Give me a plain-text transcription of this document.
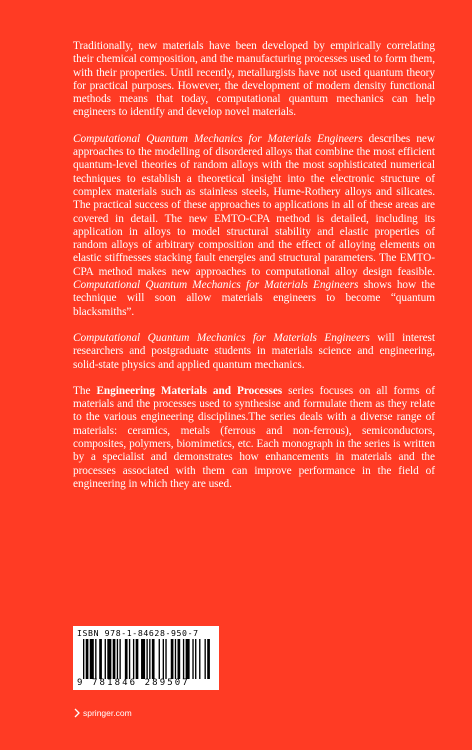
Traditionally, new materials have been developed by empirically correlating their chemical composition, and the manufacturing processes used to form them, with their properties. Until recently, metallurgists have not used quantum theory for practical purposes. However, the development of modern density functional methods means that today, computational quantum mechanics can help engineers to identify and develop novel materials.

Computational Quantum Mechanics for Materials Engineers describes new approaches to the modelling of disordered alloys that combine the most efficient quantum-level theories of random alloys with the most sophisticated numerical techniques to establish a theoretical insight into the electronic structure of complex materials such as stainless steels, Hume-Rothery alloys and silicates. The practical success of these approaches to applications in all of these areas are covered in detail. The new EMTO-CPA method is detailed, including its application in alloys to model structural stability and elastic properties of random alloys of arbitrary composition and the effect of alloying elements on elastic stiffnesses stacking fault energies and structural parameters. The EMTO-CPA method makes new approaches to computational alloy design feasible. Computational Quantum Mechanics for Materials Engineers shows how the technique will soon allow materials engineers to become “quantum blacksmiths”.

Computational Quantum Mechanics for Materials Engineers will interest researchers and postgraduate students in materials science and engineering, solid-state physics and applied quantum mechanics.

The Engineering Materials and Processes series focuses on all forms of materials and the processes used to synthesise and formulate them as they relate to the various engineering disciplines.The series deals with a diverse range of materials: ceramics, metals (ferrous and non-ferrous), semiconductors, composites, polymers, biomimetics, etc. Each monograph in the series is written by a specialist and demonstrates how enhancements in materials and the processes associated with them can improve performance in the field of engineering in which they are used.

ISBN 978-1-84628-950-7
9 781846 289507
springer.com
